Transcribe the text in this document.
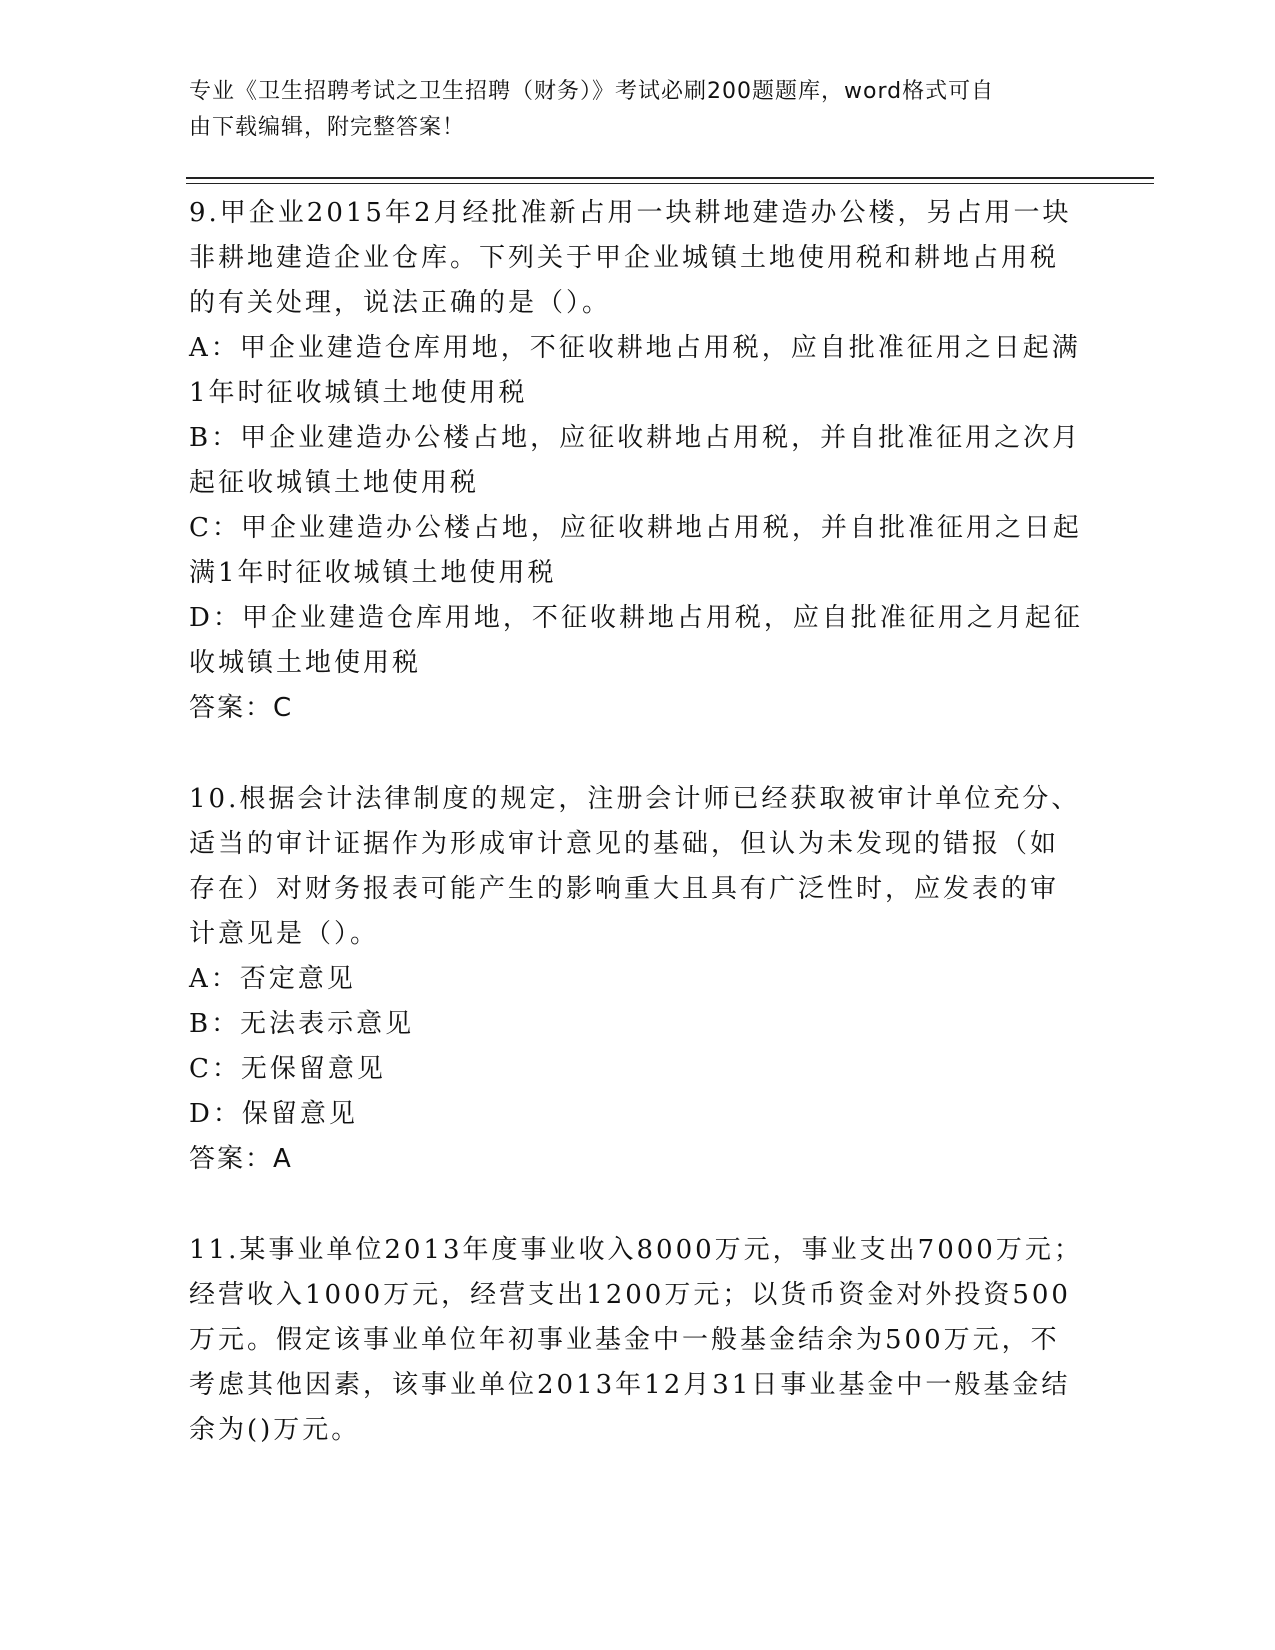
专业《卫生招聘考试之卫生招聘（财务）》考试必刷200题题库，word格式可自
由下载编辑，附完整答案！
9.甲企业2015年2月经批准新占用一块耕地建造办公楼，另占用一块
非耕地建造企业仓库。下列关于甲企业城镇土地使用税和耕地占用税
的有关处理，说法正确的是（）。
A：甲企业建造仓库用地，不征收耕地占用税，应自批准征用之日起满
1年时征收城镇土地使用税
B：甲企业建造办公楼占地，应征收耕地占用税，并自批准征用之次月
起征收城镇土地使用税
C：甲企业建造办公楼占地，应征收耕地占用税，并自批准征用之日起
满1年时征收城镇土地使用税
D：甲企业建造仓库用地，不征收耕地占用税，应自批准征用之月起征
收城镇土地使用税
答案：C
10.根据会计法律制度的规定，注册会计师已经获取被审计单位充分、
适当的审计证据作为形成审计意见的基础，但认为未发现的错报（如
存在）对财务报表可能产生的影响重大且具有广泛性时，应发表的审
计意见是（）。
A：否定意见
B：无法表示意见
C：无保留意见
D：保留意见
答案：A
11.某事业单位2013年度事业收入8000万元，事业支出7000万元；
经营收入1000万元，经营支出1200万元；以货币资金对外投资500
万元。假定该事业单位年初事业基金中一般基金结余为500万元，不
考虑其他因素，该事业单位2013年12月31日事业基金中一般基金结
余为()万元。
